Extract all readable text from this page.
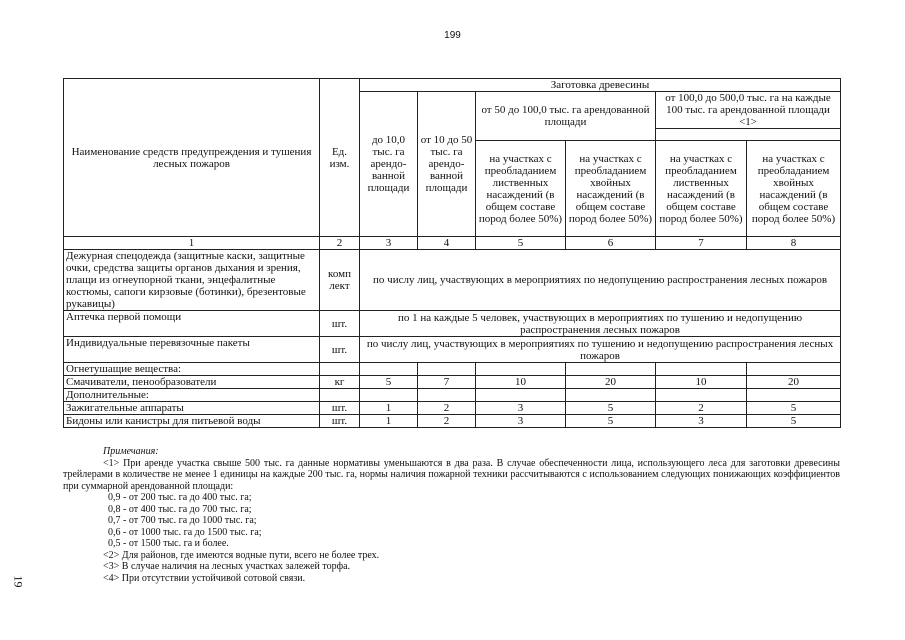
199
19
Наименование средств предупреждения и тушения лесных пожаров	Ед. изм.	Заготовка древесины					
		до 10,0 тыс. га арендо- ванной площади	от 10 до 50 тыс. га арендо- ванной площади	от 50 до 100,0 тыс. га арендованной площади		от 100,0 до 500,0 тыс. га на каждые 100 тыс. га арендованной площади <1>	

				на участках с преобладанием лиственных насаждений (в общем составе пород более 50%)	на участках с преобладанием хвойных насаждений (в общем составе пород более 50%)	на участках с преобладанием лиственных насаждений (в общем составе пород более 50%)	на участках с преобладанием хвойных насаждений (в общем составе пород более 50%)
1	2	3	4	5	6	7	8
Дежурная спецодежда (защитные каски, защитные очки, средства защиты органов дыхания и зрения, плащи из огнеупорной ткани, энцефалитные костюмы, сапоги кирзовые (ботинки), брезентовые рукавицы)	комп лект	по числу лиц, участвующих в мероприятиях по недопущению распространения лесных пожаров					
Аптечка первой помощи	шт.	по 1 на каждые 5 человек, участвующих в мероприятиях по тушению и недопущению распространения лесных пожаров					
Индивидуальные перевязочные пакеты	шт.	по числу лиц, участвующих в мероприятиях по тушению и недопущению распространения лесных пожаров					
Огнетушащие вещества:							
Смачиватели, пенообразователи	кг	5	7	10	20	10	20
Дополнительные:							
Зажигательные аппараты	шт.	1	2	3	5	2	5
Бидоны или канистры для питьевой воды	шт.	1	2	3	5	3	5
Примечания:
<1> При аренде участка свыше 500 тыс. га данные нормативы уменьшаются в два раза. В случае обеспеченности лица, использующего леса для заготовки древесины трейлерами в количестве не менее 1 единицы на каждые 200 тыс. га, нормы наличия пожарной техники рассчитываются с использованием следующих понижающих коэффициентов при суммарной арендованной площади:
0,9 - от 200 тыс. га до 400 тыс. га;
0,8 - от 400 тыс. га до 700 тыс. га;
0,7 - от 700 тыс. га до 1000 тыс. га;
0,6 - от 1000 тыс. га до 1500 тыс. га;
0,5 - от 1500 тыс. га и более.
<2> Для районов, где имеются водные пути, всего не более трех.
<3> В случае наличия на лесных участках залежей торфа.
<4> При отсутствии устойчивой сотовой связи.
